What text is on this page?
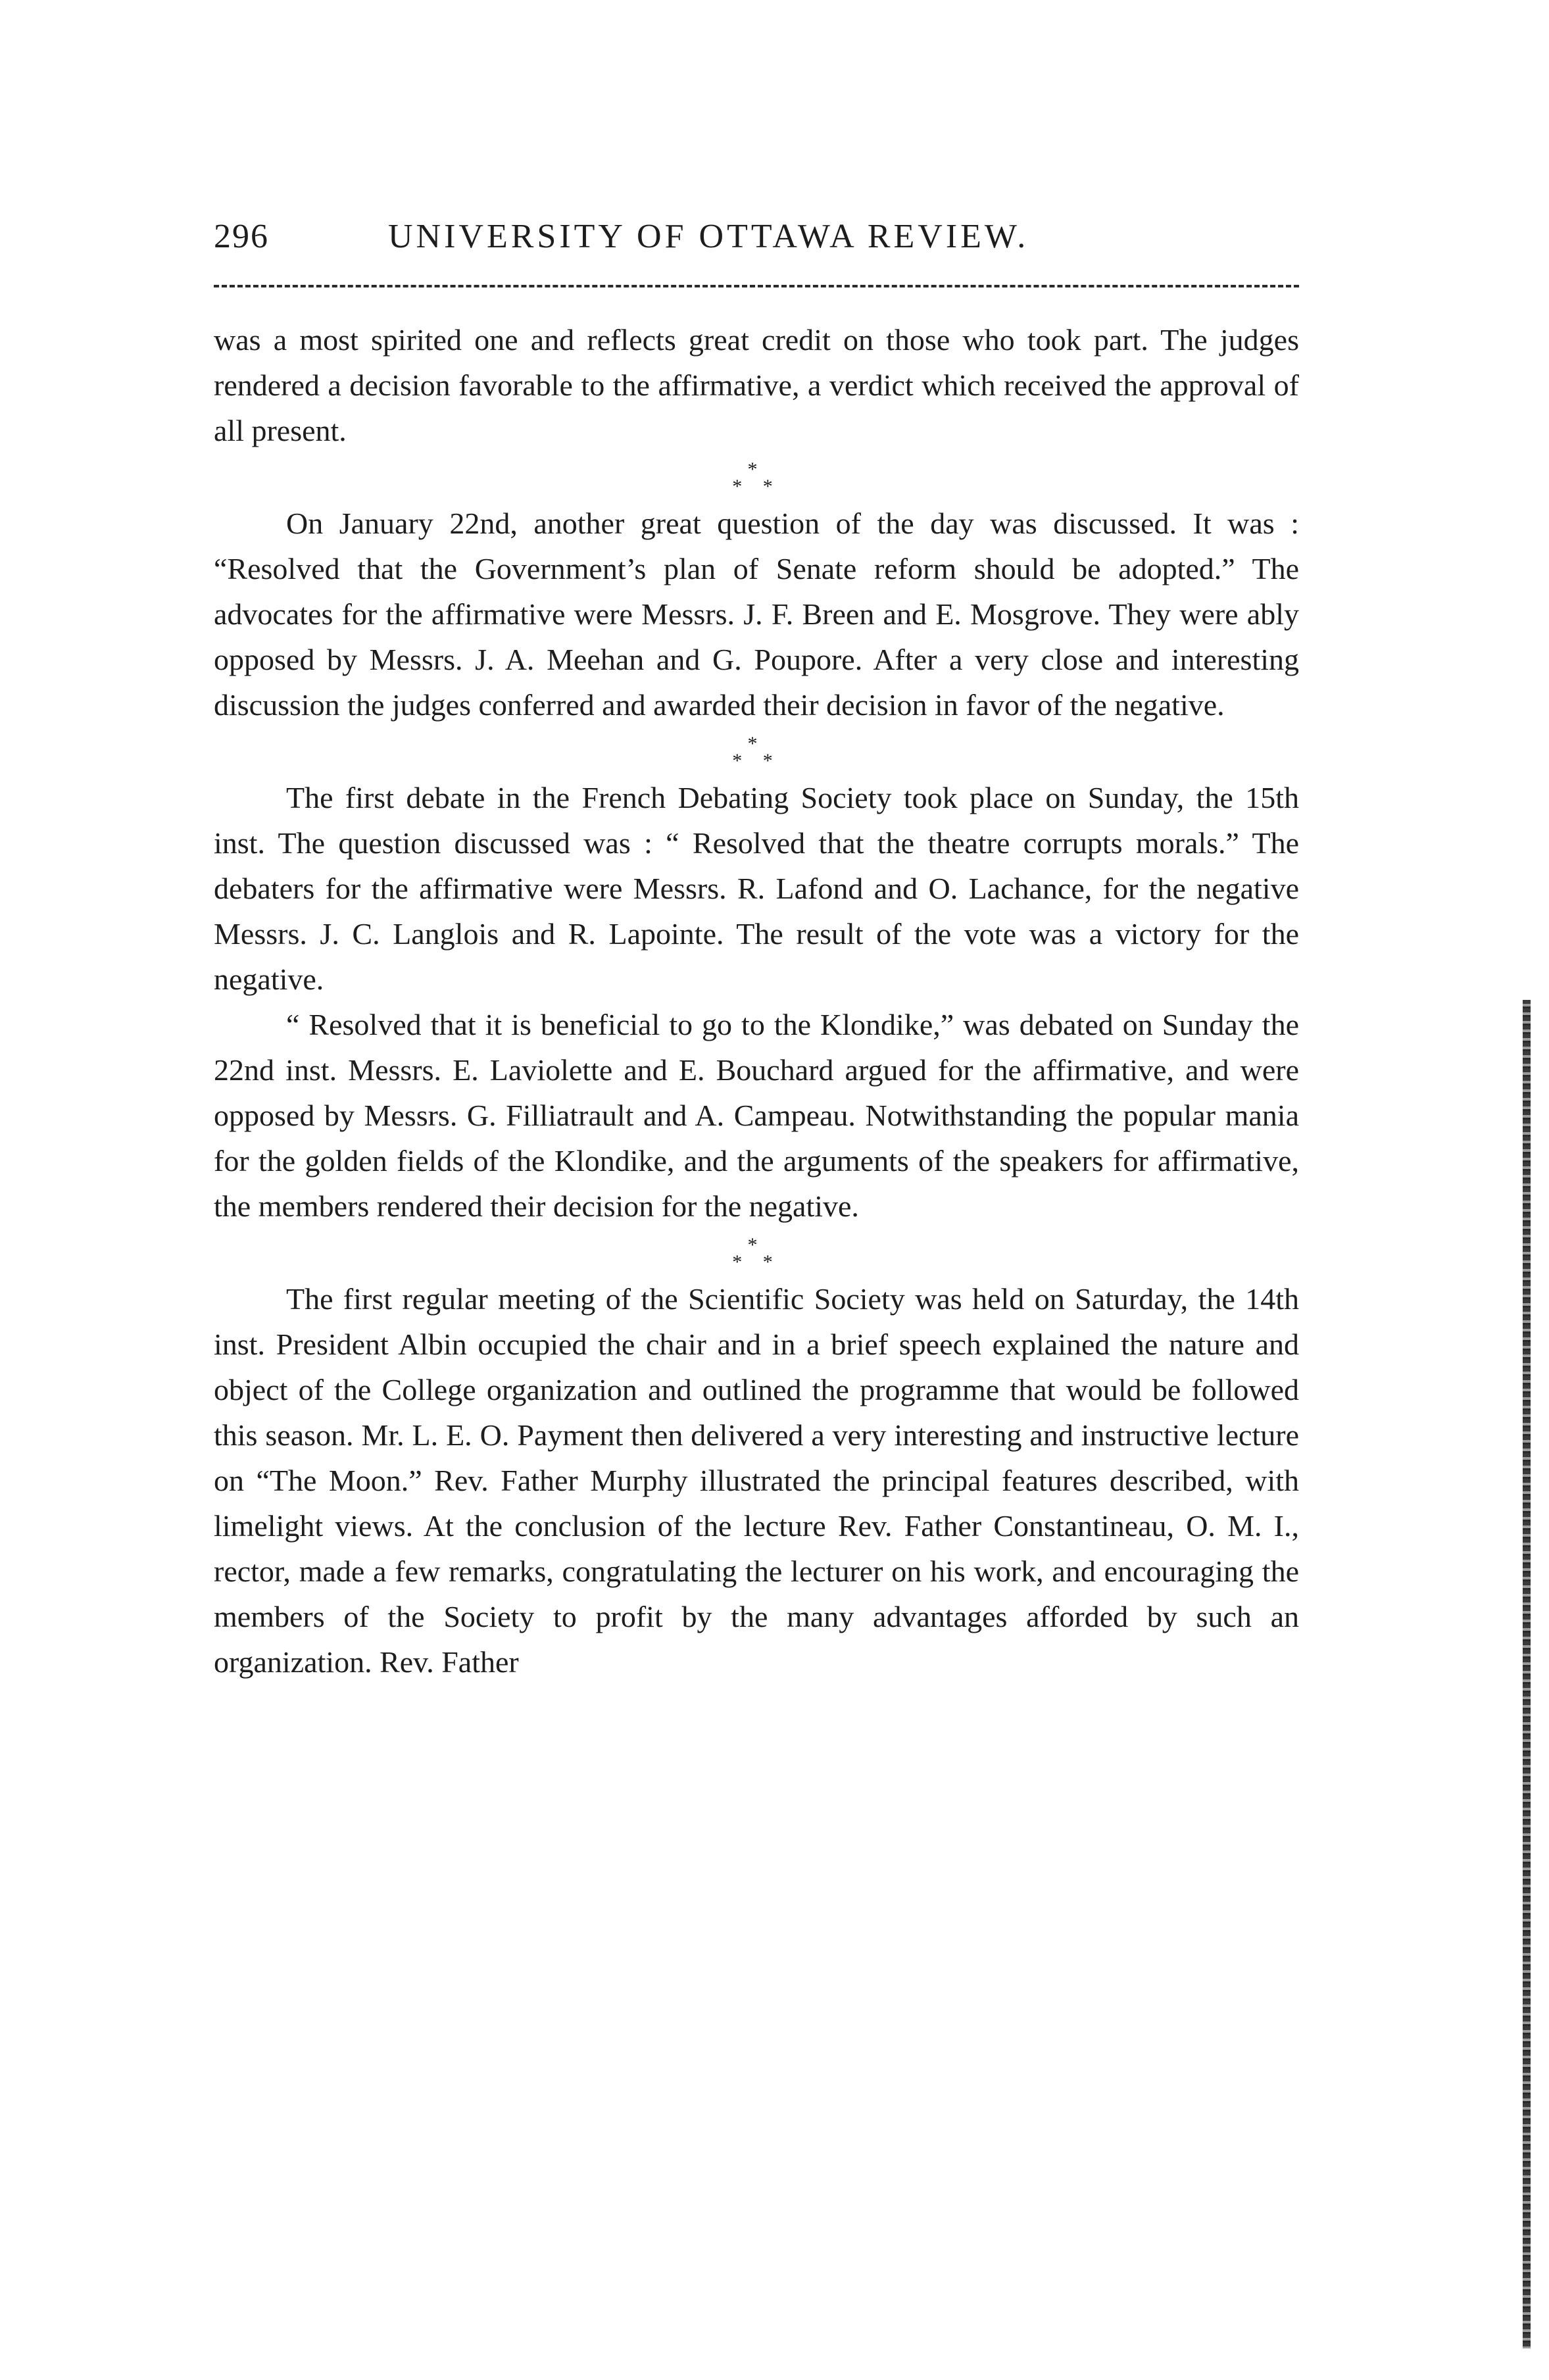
296	UNIVERSITY OF OTTAWA REVIEW.

was a most spirited one and reflects great credit on those who took part. The judges rendered a decision favorable to the affirmative, a verdict which received the approval of all present.

*
* *

On January 22nd, another great question of the day was discussed. It was : “Resolved that the Government’s plan of Senate reform should be adopted.” The advocates for the affirmative were Messrs. J. F. Breen and E. Mosgrove. They were ably opposed by Messrs. J. A. Meehan and G. Poupore. After a very close and interesting discussion the judges conferred and awarded their decision in favor of the negative.

*
* *

The first debate in the French Debating Society took place on Sunday, the 15th inst. The question discussed was : “ Resolved that the theatre corrupts morals.” The debaters for the affirmative were Messrs. R. Lafond and O. Lachance, for the negative Messrs. J. C. Langlois and R. Lapointe. The result of the vote was a victory for the negative.

“ Resolved that it is beneficial to go to the Klondike,” was debated on Sunday the 22nd inst. Messrs. E. Laviolette and E. Bouchard argued for the affirmative, and were opposed by Messrs. G. Filliatrault and A. Campeau. Notwithstanding the popular mania for the golden fields of the Klondike, and the arguments of the speakers for affirmative, the members rendered their decision for the negative.

*
* *

The first regular meeting of the Scientific Society was held on Saturday, the 14th inst. President Albin occupied the chair and in a brief speech explained the nature and object of the College organization and outlined the programme that would be followed this season. Mr. L. E. O. Payment then delivered a very interesting and instructive lecture on “The Moon.” Rev. Father Murphy illustrated the principal features described, with limelight views. At the conclusion of the lecture Rev. Father Constantineau, O. M. I., rector, made a few remarks, congratulating the lecturer on his work, and encouraging the members of the Society to profit by the many advantages afforded by such an organization. Rev. Father
